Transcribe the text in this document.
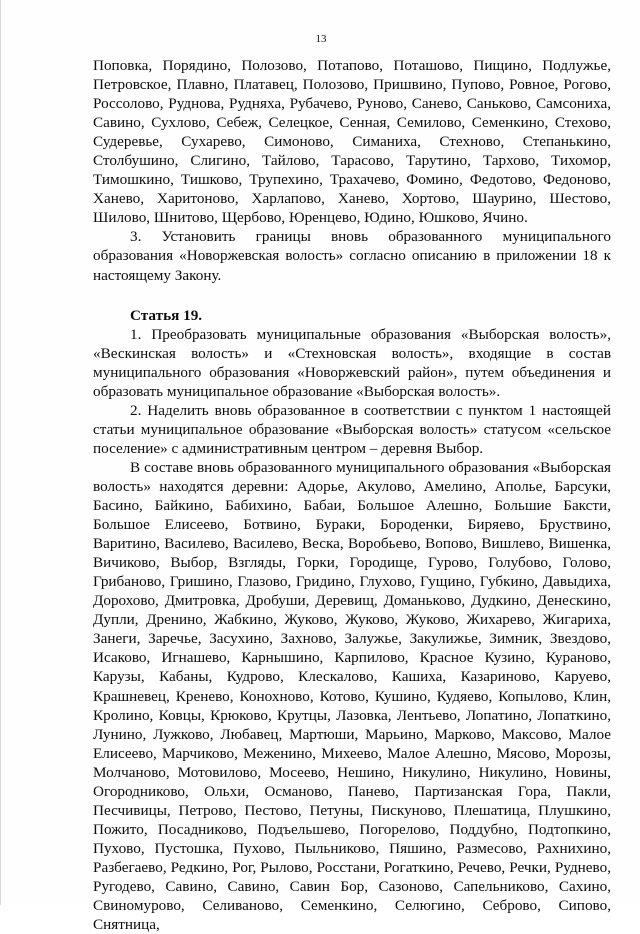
13

Поповка, Порядино, Полозово, Потапово, Поташово, Пищино, Подлужье, Петровское, Плавно, Платавец, Полозово, Пришвино, Пупово, Ровное, Рогово, Россолово, Руднова, Рудняха, Рубачево, Руново, Санево, Саньково, Самсониха, Савино, Сухлово, Себеж, Селецкое, Сенная, Семилово, Семенкино, Стехово, Судеревье, Сухарево, Симоново, Симаниха, Стехново, Степанькино, Столбушино, Слигино, Тайлово, Тарасово, Тарутино, Тархово, Тихомор, Тимошкино, Тишково, Трупехино, Трахачево, Фомино, Федотово, Федоново, Ханево, Харитоново, Харлапово, Ханево, Хортово, Шаурино, Шестово, Шилово, Шнитово, Щербово, Юренцево, Юдино, Юшково, Ячино.

3. Установить границы вновь образованного муниципального образования «Новоржевская волость» согласно описанию в приложении 18 к настоящему Закону.

Статья 19.

1. Преобразовать муниципальные образования «Выборская волость», «Вескинская волость» и «Стехновская волость», входящие в состав муниципального образования «Новоржевский район», путем объединения и образовать муниципальное образование «Выборская волость».

2. Наделить вновь образованное в соответствии с пунктом 1 настоящей статьи муниципальное образование «Выборская волость» статусом «сельское поселение» с административным центром – деревня Выбор.

В составе вновь образованного муниципального образования «Выборская волость» находятся деревни: Адорье, Акулово, Амелино, Аполье, Барсуки, Басино, Байкино, Бабихино, Бабаи, Большое Алешно, Большие Баксти, Большое Елисеево, Ботвино, Бураки, Бороденки, Биряево, Бруствино, Варитино, Василево, Василево, Веска, Воробьево, Вопово, Вишлево, Вишенка, Вичиково, Выбор, Взгляды, Горки, Городище, Гурово, Голубово, Голово, Грибаново, Гришино, Глазово, Гридино, Глухово, Гущино, Губкино, Давыдиха, Дорохово, Дмитровка, Дробуши, Деревищ, Доманьково, Дудкино, Денескино, Дупли, Дренино, Жабкино, Жуково, Жуково, Жуково, Жихарево, Жигариха, Занеги, Заречье, Засухино, Захново, Залужье, Закулижье, Зимник, Звездово, Исаково, Игнашево, Карнышино, Карпилово, Красное Кузино, Кураново, Карузы, Кабаны, Кудрово, Клескалово, Кашиха, Казариново, Каруево, Крашневец, Кренево, Конохново, Котово, Кушино, Кудяево, Копылово, Клин, Кролино, Ковцы, Крюково, Крутцы, Лазовка, Лентьево, Лопатино, Лопаткино, Лунино, Лужково, Любавец, Мартюши, Марьино, Марково, Максово, Малое Елисеево, Марчиково, Меженино, Михеево, Малое Алешно, Мясово, Морозы, Молчаново, Мотовилово, Мосеево, Нешино, Никулино, Никулино, Новины, Огородниково, Ольхи, Османово, Панево, Партизанская Гора, Пакли, Песчивицы, Петрово, Пестово, Петуны, Пискуново, Плешатица, Плушкино, Пожито, Посадниково, Подъельшево, Погорелово, Поддубно, Подтопкино, Пухово, Пустошка, Пухово, Пыльниково, Пяшино, Размесово, Рахнихино, Разбегаево, Редкино, Рог, Рылово, Росстани, Рогаткино, Речево, Речки, Руднево, Ругодево, Савино, Савино, Савин Бор, Сазоново, Сапельниково, Сахино, Свиномурово, Селиваново, Семенкино, Селюгино, Себрово, Сипово, Снятница,
